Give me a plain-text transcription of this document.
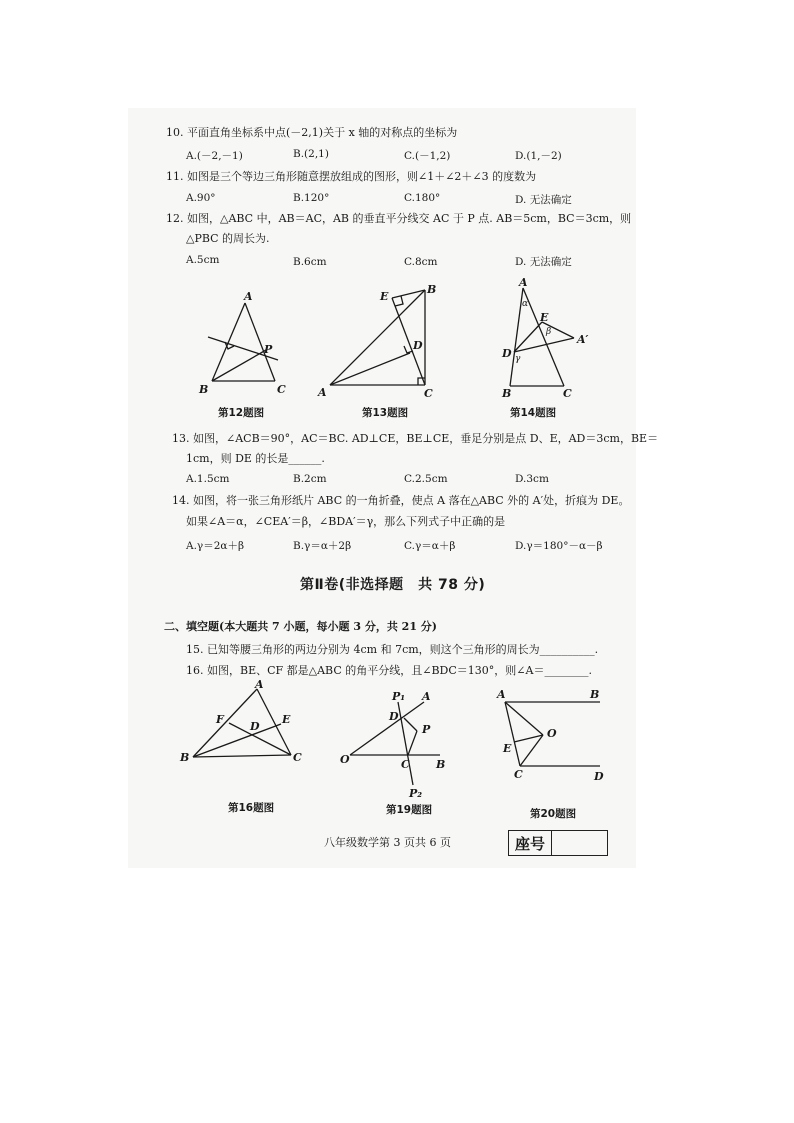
10. 平面直角坐标系中点(－2,1)关于 x 轴的对称点的坐标为
A.(－2,－1)	B.(2,1)	C.(－1,2)	D.(1,－2)
11. 如图是三个等边三角形随意摆放组成的图形，则∠1＋∠2＋∠3 的度数为
A.90°	B.120°	C.180°	D. 无法确定
12. 如图，△ABC 中，AB＝AC，AB 的垂直平分线交 AC 于 P 点. AB＝5cm，BC＝3cm，则
△PBC 的周长为.
A.5cm	B.6cm	C.8cm	D. 无法确定
A
B	C
P
第12题图
E
B
D
A	C
第13题图
A
α
E
β
A′
D γ
B	C
第14题图
13. 如图，∠ACB＝90°，AC＝BC. AD⊥CE，BE⊥CE，垂足分别是点 D、E，AD＝3cm，BE＝
1cm，则 DE 的长是______.
A.1.5cm	B.2cm	C.2.5cm	D.3cm
14. 如图，将一张三角形纸片 ABC 的一角折叠，使点 A 落在△ABC 外的 A′处，折痕为 DE。
如果∠A＝α，∠CEA′＝β，∠BDA′＝γ，那么下列式子中正确的是
A.γ＝2α＋β	B.γ＝α＋2β	C.γ＝α＋β	D.γ＝180°－α－β
第Ⅱ卷(非选择题　共 78 分)
二、填空题(本大题共 7 小题，每小题 3 分，共 21 分)
15. 已知等腰三角形的两边分别为 4cm 和 7cm，则这个三角形的周长为__________.
16. 如图，BE、CF 都是△ABC 的角平分线，且∠BDC＝130°，则∠A＝________.
A
F
D
E
B	C
第16题图
P₁ A
D
P
O	C B
P₂
第19题图
A	B
O
E
C	D
第20题图
八年级数学第 3 页共 6 页	座号
